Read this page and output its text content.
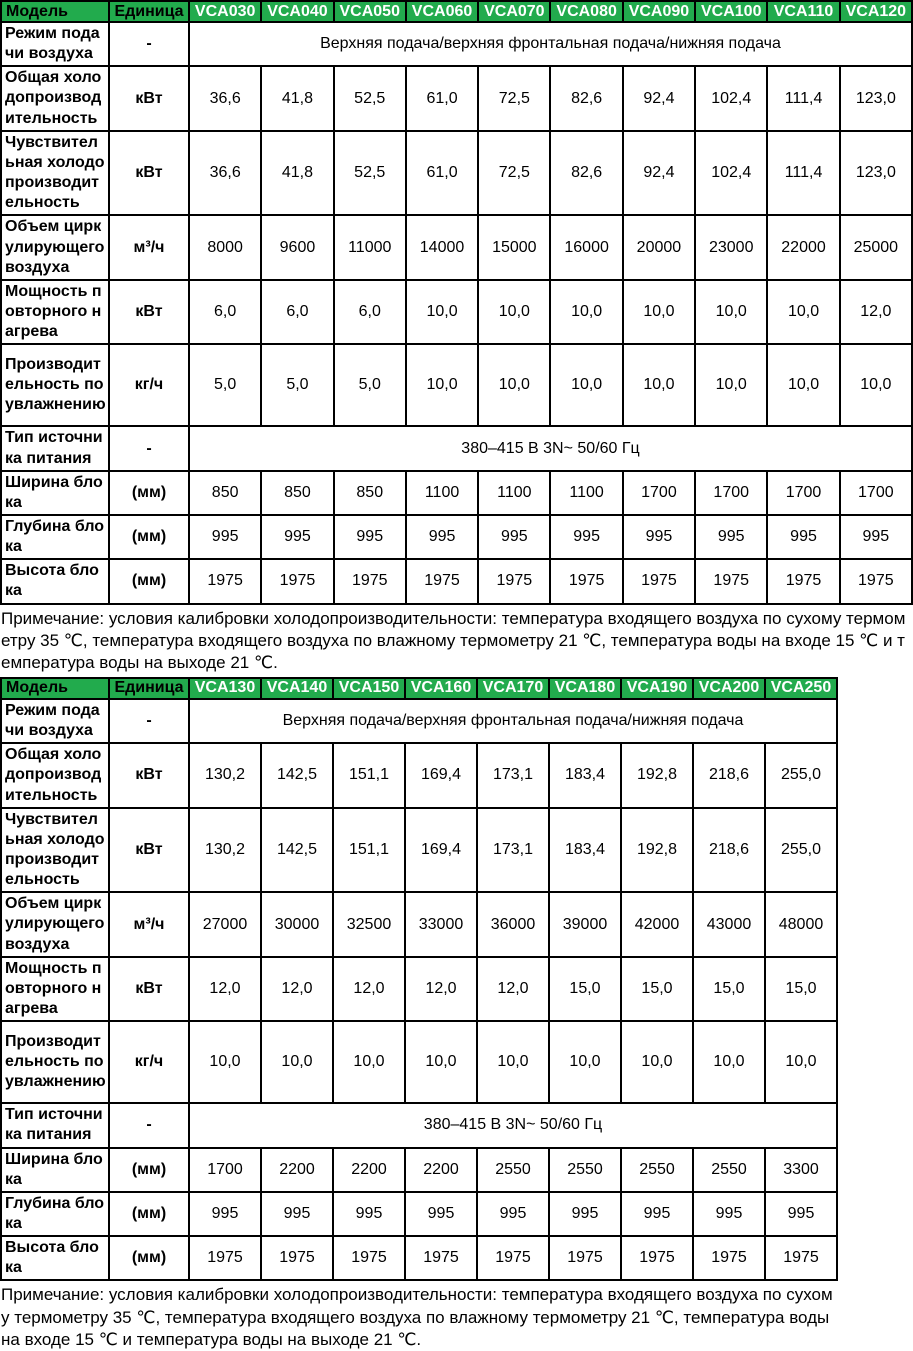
Модель	Единица	VCA030	VCA040	VCA050	VCA060	VCA070	VCA080	VCA090	VCA100	VCA110	VCA120
Режим подачи воздуха	-	Верхняя подача/верхняя фронтальная подача/нижняя подача									
Общая холодопроизводительность	кВт	36,6	41,8	52,5	61,0	72,5	82,6	92,4	102,4	111,4	123,0
Чувствительная холодопроизводительность	кВт	36,6	41,8	52,5	61,0	72,5	82,6	92,4	102,4	111,4	123,0
Объем циркулирующего воздуха	м³/ч	8000	9600	11000	14000	15000	16000	20000	23000	22000	25000
Мощность повторного нагрева	кВт	6,0	6,0	6,0	10,0	10,0	10,0	10,0	10,0	10,0	12,0
Производительность по увлажнению	кг/ч	5,0	5,0	5,0	10,0	10,0	10,0	10,0	10,0	10,0	10,0
Тип источника питания	-	380–415 В 3N~ 50/60 Гц									
Ширина блока	(мм)	850	850	850	1100	1100	1100	1700	1700	1700	1700
Глубина блока	(мм)	995	995	995	995	995	995	995	995	995	995
Высота блока	(мм)	1975	1975	1975	1975	1975	1975	1975	1975	1975	1975

Примечание: условия калибровки холодопроизводительности: температура входящего воздуха по сухому термометру 35 ℃, температура входящего воздуха по влажному термометру 21 ℃, температура воды на входе 15 ℃ и температура воды на выходе 21 ℃.

Модель	Единица	VCA130	VCA140	VCA150	VCA160	VCA170	VCA180	VCA190	VCA200	VCA250
Режим подачи воздуха	-	Верхняя подача/верхняя фронтальная подача/нижняя подача								
Общая холодопроизводительность	кВт	130,2	142,5	151,1	169,4	173,1	183,4	192,8	218,6	255,0
Чувствительная холодопроизводительность	кВт	130,2	142,5	151,1	169,4	173,1	183,4	192,8	218,6	255,0
Объем циркулирующего воздуха	м³/ч	27000	30000	32500	33000	36000	39000	42000	43000	48000
Мощность повторного нагрева	кВт	12,0	12,0	12,0	12,0	12,0	15,0	15,0	15,0	15,0
Производительность по увлажнению	кг/ч	10,0	10,0	10,0	10,0	10,0	10,0	10,0	10,0	10,0
Тип источника питания	-	380–415 В 3N~ 50/60 Гц								
Ширина блока	(мм)	1700	2200	2200	2200	2550	2550	2550	2550	3300
Глубина блока	(мм)	995	995	995	995	995	995	995	995	995
Высота блока	(мм)	1975	1975	1975	1975	1975	1975	1975	1975	1975

Примечание: условия калибровки холодопроизводительности: температура входящего воздуха по сухому термометру 35 ℃, температура входящего воздуха по влажному термометру 21 ℃, температура воды на входе 15 ℃ и температура воды на выходе 21 ℃.
